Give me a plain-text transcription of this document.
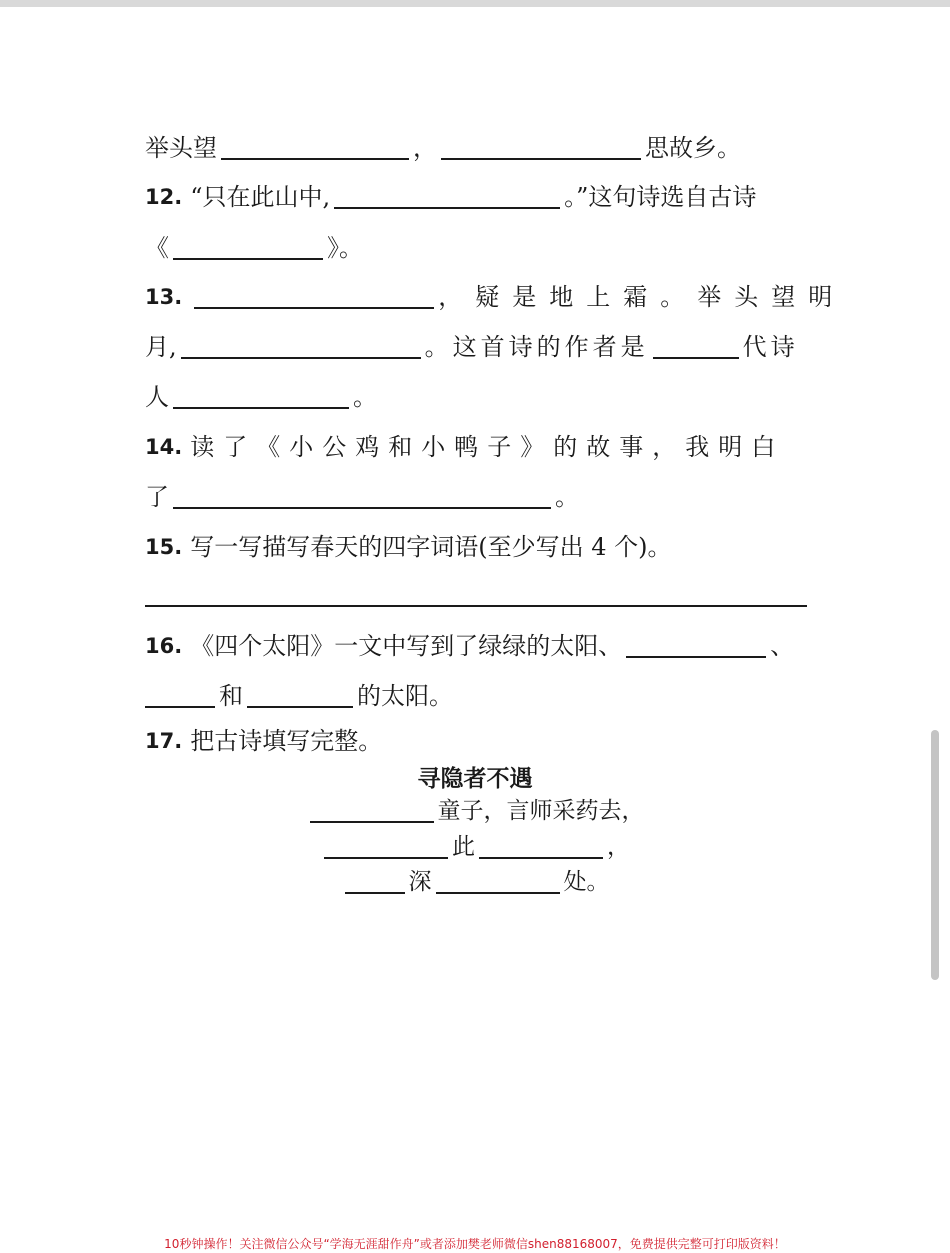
举头望	，	思故乡。
12. “只在此山中,	。”这句诗选自古诗
《	》。
13.	，疑是地上霜。举头望明
月,	。这首诗的作者是	代诗
人	。
14. 读了《小公鸡和小鸭子》的故事，我明白
了	。
15. 写一写描写春天的四字词语(至少写出 4 个)。
16. 《四个太阳》一文中写到了绿绿的太阳、	、
和	的太阳。
17. 把古诗填写完整。
寻隐者不遇
童子，言师采药去，
此	，
深	处。
10秒钟操作！关注微信公众号“学海无涯甜作舟”或者添加樊老师微信shen88168007，免费提供完整可打印版资料！
